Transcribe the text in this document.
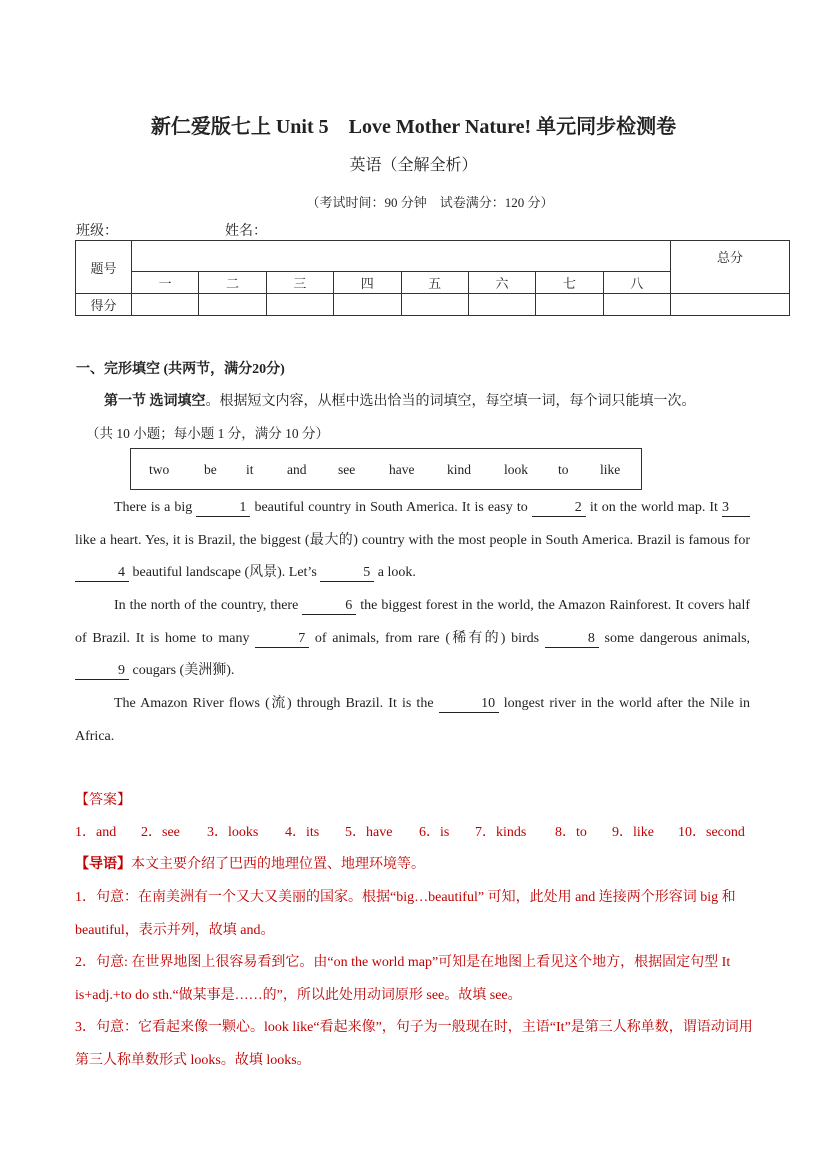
新仁爱版七上 Unit 5　Love Mother Nature! 单元同步检测卷
英语（全解全析）
（考试时间：90 分钟　试卷满分：120 分）
班级：	姓名：
题号									总分
	一	二	三	四	五	六	七	八	
得分									
一、完形填空 (共两节，满分20分)
第一节 选词填空。根据短文内容，从框中选出恰当的词填空，每空填一词，每个词只能填一次。
（共 10 小题；每小题 1 分，满分 10 分）
two	be it and see	have kind look to like
There is a big	1 beautiful country in South America. It is easy to	2 it on the world map. It 3 like a heart. Yes, it is Brazil, the biggest (最大的) country with the most people in South America. Brazil is famous for 4 beautiful landscape (风景). Let’s	5 a look.
In the north of the country, there	6 the biggest forest in the world, the Amazon Rainforest. It covers half of Brazil. It is home to many	7 of animals, from rare (稀有的) birds	8 some dangerous animals, 9 cougars (美洲狮).
The Amazon River flows (流) through Brazil. It is the	10 longest river in the world after the Nile in Africa.
【答案】
1．and 2．see 3．looks 4．its 5．have 6．is 7．kinds 8．to 9．like 10．second
【导语】本文主要介绍了巴西的地理位置、地理环境等。
1．句意：在南美洲有一个又大又美丽的国家。根据“big…beautiful” 可知，此处用 and 连接两个形容词 big 和 beautiful，表示并列，故填 and。
2．句意: 在世界地图上很容易看到它。由“on the world map”可知是在地图上看见这个地方，根据固定句型 It is+adj.+to do sth.“做某事是……的”，所以此处用动词原形 see。故填 see。
3．句意：它看起来像一颗心。look like“看起来像”，句子为一般现在时，主语“It”是第三人称单数，谓语动词用第三人称单数形式 looks。故填 looks。
